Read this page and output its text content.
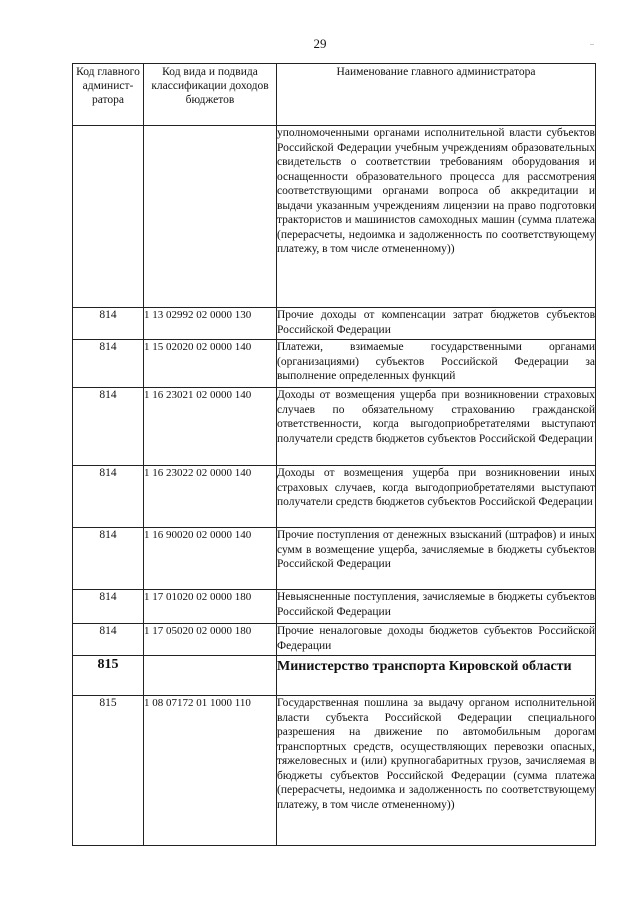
29	..
Код главного админист-ратора	Код вида и подвида классификации доходов бюджетов	Наименование главного администратора

		уполномоченными органами исполнительной власти субъектов Российской Федерации учебным учреждениям образовательных свидетельств о соответствии требованиям оборудования и оснащенности образовательного процесса для рассмотрения соответствующими органами вопроса об аккредитации и выдачи указанным учреждениям лицензии на право подготовки трактористов и машинистов самоходных машин (сумма платежа (перерасчеты, недоимка и задолженность по соответствующему платежу, в том числе отмененному))

814	1 13 02992 02 0000 130	Прочие доходы от компенсации затрат бюджетов субъектов Российской Федерации

814	1 15 02020 02 0000 140	Платежи, взимаемые государственными органами (организациями) субъектов Российской Федерации за выполнение определенных функций

814	1 16 23021 02 0000 140	Доходы от возмещения ущерба при возникновении страховых случаев по обязательному страхованию гражданской ответственности, когда выгодоприобретателями выступают получатели средств бюджетов субъектов Российской Федерации

814	1 16 23022 02 0000 140	Доходы от возмещения ущерба при возникновении иных страховых случаев, когда выгодоприобретателями выступают получатели средств бюджетов субъектов Российской Федерации

814	1 16 90020 02 0000 140	Прочие поступления от денежных взысканий (штрафов) и иных сумм в возмещение ущерба, зачисляемые в бюджеты субъектов Российской Федерации

814	1 17 01020 02 0000 180	Невыясненные поступления, зачисляемые в бюджеты субъектов Российской Федерации

814	1 17 05020 02 0000 180	Прочие неналоговые доходы бюджетов субъектов Российской Федерации

815		Министерство транспорта Кировской области

815	1 08 07172 01 1000 110	Государственная пошлина за выдачу органом исполнительной власти субъекта Российской Федерации специального разрешения на движение по автомобильным дорогам транспортных средств, осуществляющих перевозки опасных, тяжеловесных и (или) крупногабаритных грузов, зачисляемая в бюджеты субъектов Российской Федерации (сумма платежа (перерасчеты, недоимка и задолженность по соответствующему платежу, в том числе отмененному))
